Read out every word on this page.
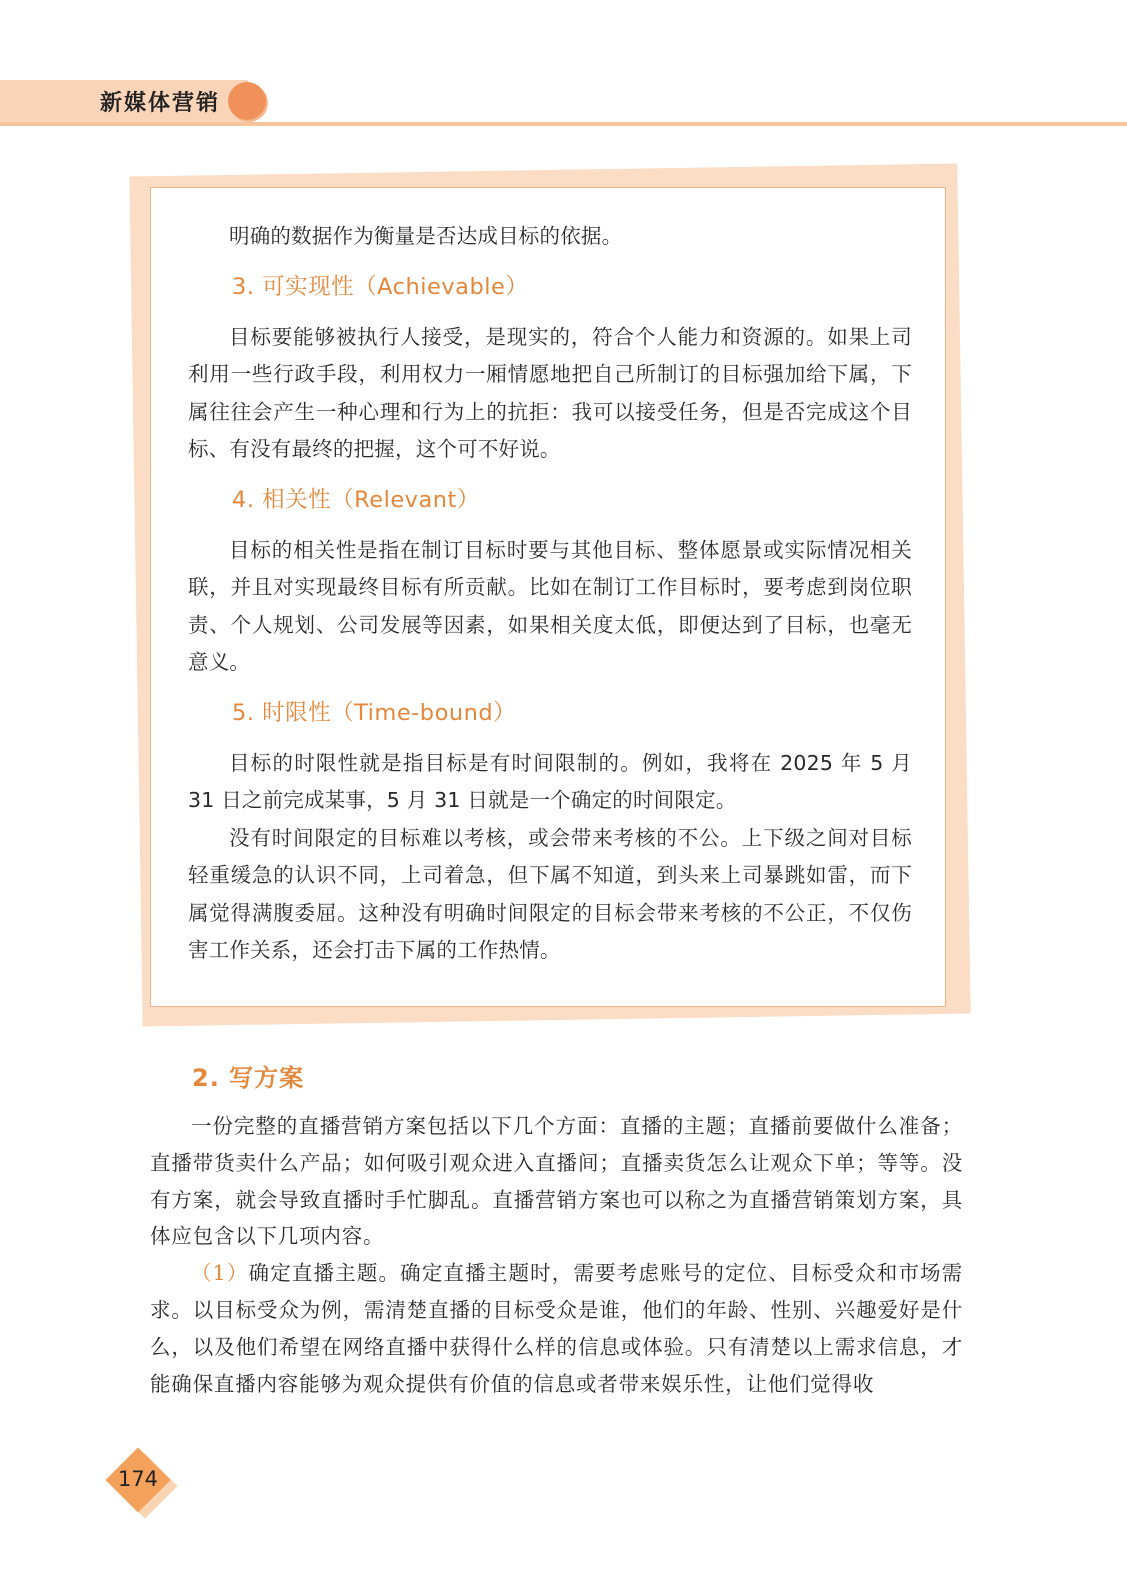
新媒体营销

明确的数据作为衡量是否达成目标的依据。

3. 可实现性（Achievable）

目标要能够被执行人接受，是现实的，符合个人能力和资源的。如果上司利用一些行政手段，利用权力一厢情愿地把自己所制订的目标强加给下属，下属往往会产生一种心理和行为上的抗拒：我可以接受任务，但是否完成这个目标、有没有最终的把握，这个可不好说。

4. 相关性（Relevant）

目标的相关性是指在制订目标时要与其他目标、整体愿景或实际情况相关联，并且对实现最终目标有所贡献。比如在制订工作目标时，要考虑到岗位职责、个人规划、公司发展等因素，如果相关度太低，即便达到了目标，也毫无意义。

5. 时限性（Time-bound）

目标的时限性就是指目标是有时间限制的。例如，我将在 2025 年 5 月 31 日之前完成某事，5 月 31 日就是一个确定的时间限定。

没有时间限定的目标难以考核，或会带来考核的不公。上下级之间对目标轻重缓急的认识不同，上司着急，但下属不知道，到头来上司暴跳如雷，而下属觉得满腹委屈。这种没有明确时间限定的目标会带来考核的不公正，不仅伤害工作关系，还会打击下属的工作热情。

2. 写方案

一份完整的直播营销方案包括以下几个方面：直播的主题；直播前要做什么准备；直播带货卖什么产品；如何吸引观众进入直播间；直播卖货怎么让观众下单；等等。没有方案，就会导致直播时手忙脚乱。直播营销方案也可以称之为直播营销策划方案，具体应包含以下几项内容。

（1）确定直播主题。确定直播主题时，需要考虑账号的定位、目标受众和市场需求。以目标受众为例，需清楚直播的目标受众是谁，他们的年龄、性别、兴趣爱好是什么，以及他们希望在网络直播中获得什么样的信息或体验。只有清楚以上需求信息，才能确保直播内容能够为观众提供有价值的信息或者带来娱乐性，让他们觉得收

174
